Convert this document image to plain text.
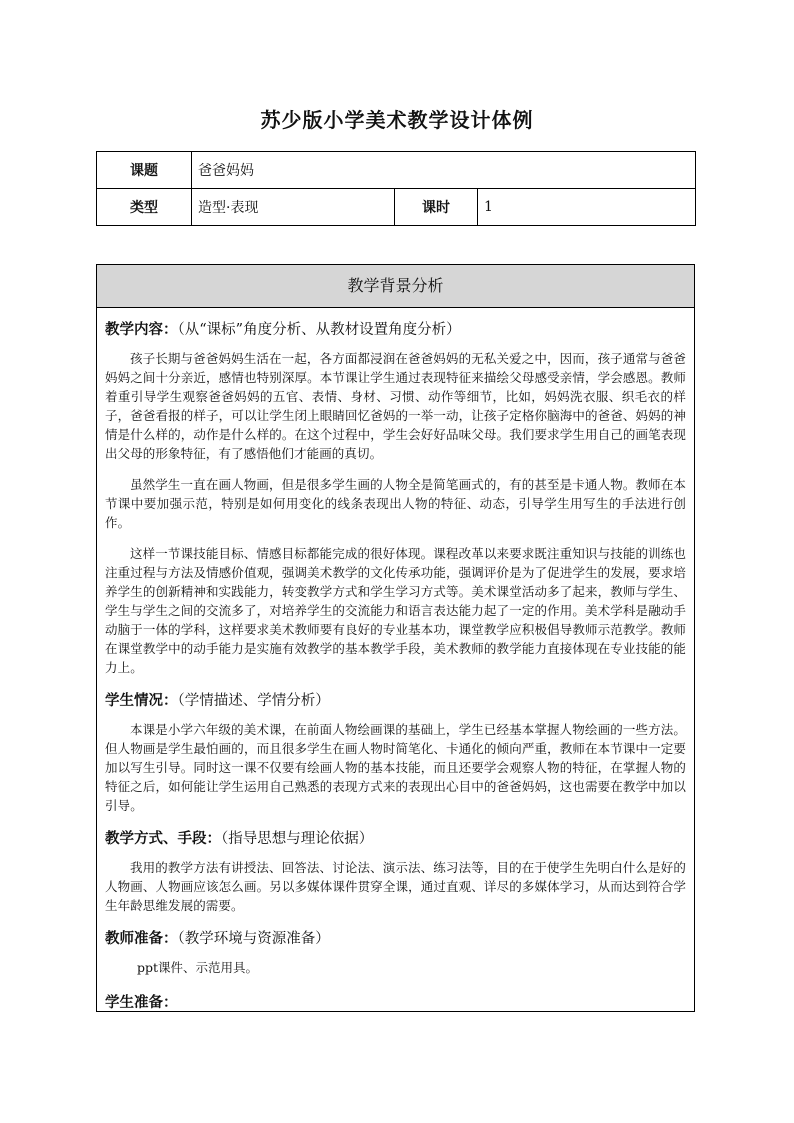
苏少版小学美术教学设计体例
课题	爸爸妈妈		
类型	造型·表现	课时	1
教学背景分析
教学内容：（从“课标”角度分析、从教材设置角度分析）

孩子长期与爸爸妈妈生活在一起，各方面都浸润在爸爸妈妈的无私关爱之中，因而，孩子通常与爸爸妈妈之间十分亲近，感情也特别深厚。本节课让学生通过表现特征来描绘父母感受亲情，学会感恩。教师着重引导学生观察爸爸妈妈的五官、表情、身材、习惯、动作等细节，比如，妈妈洗衣服、织毛衣的样子，爸爸看报的样子，可以让学生闭上眼睛回忆爸妈的一举一动，让孩子定格你脑海中的爸爸、妈妈的神情是什么样的，动作是什么样的。在这个过程中，学生会好好品味父母。我们要求学生用自己的画笔表现出父母的形象特征，有了感悟他们才能画的真切。

虽然学生一直在画人物画，但是很多学生画的人物全是简笔画式的，有的甚至是卡通人物。教师在本节课中要加强示范，特别是如何用变化的线条表现出人物的特征、动态，引导学生用写生的手法进行创作。

这样一节课技能目标、情感目标都能完成的很好体现。课程改革以来要求既注重知识与技能的训练也注重过程与方法及情感价值观，强调美术教学的文化传承功能，强调评价是为了促进学生的发展，要求培养学生的创新精神和实践能力，转变教学方式和学生学习方式等。美术课堂活动多了起来，教师与学生、学生与学生之间的交流多了，对培养学生的交流能力和语言表达能力起了一定的作用。美术学科是融动手动脑于一体的学科，这样要求美术教师要有良好的专业基本功，课堂教学应积极倡导教师示范教学。教师在课堂教学中的动手能力是实施有效教学的基本教学手段，美术教师的教学能力直接体现在专业技能的能力上。

学生情况：（学情描述、学情分析）

本课是小学六年级的美术课，在前面人物绘画课的基础上，学生已经基本掌握人物绘画的一些方法。但人物画是学生最怕画的，而且很多学生在画人物时简笔化、卡通化的倾向严重，教师在本节课中一定要加以写生引导。同时这一课不仅要有绘画人物的基本技能，而且还要学会观察人物的特征，在掌握人物的特征之后，如何能让学生运用自己熟悉的表现方式来的表现出心目中的爸爸妈妈，这也需要在教学中加以引导。

教学方式、手段：（指导思想与理论依据）

我用的教学方法有讲授法、回答法、讨论法、演示法、练习法等，目的在于使学生先明白什么是好的人物画、人物画应该怎么画。另以多媒体课件贯穿全课，通过直观、详尽的多媒体学习，从而达到符合学生年龄思维发展的需要。

教师准备：（教学环境与资源准备）

ppt课件、示范用具。

学生准备：
